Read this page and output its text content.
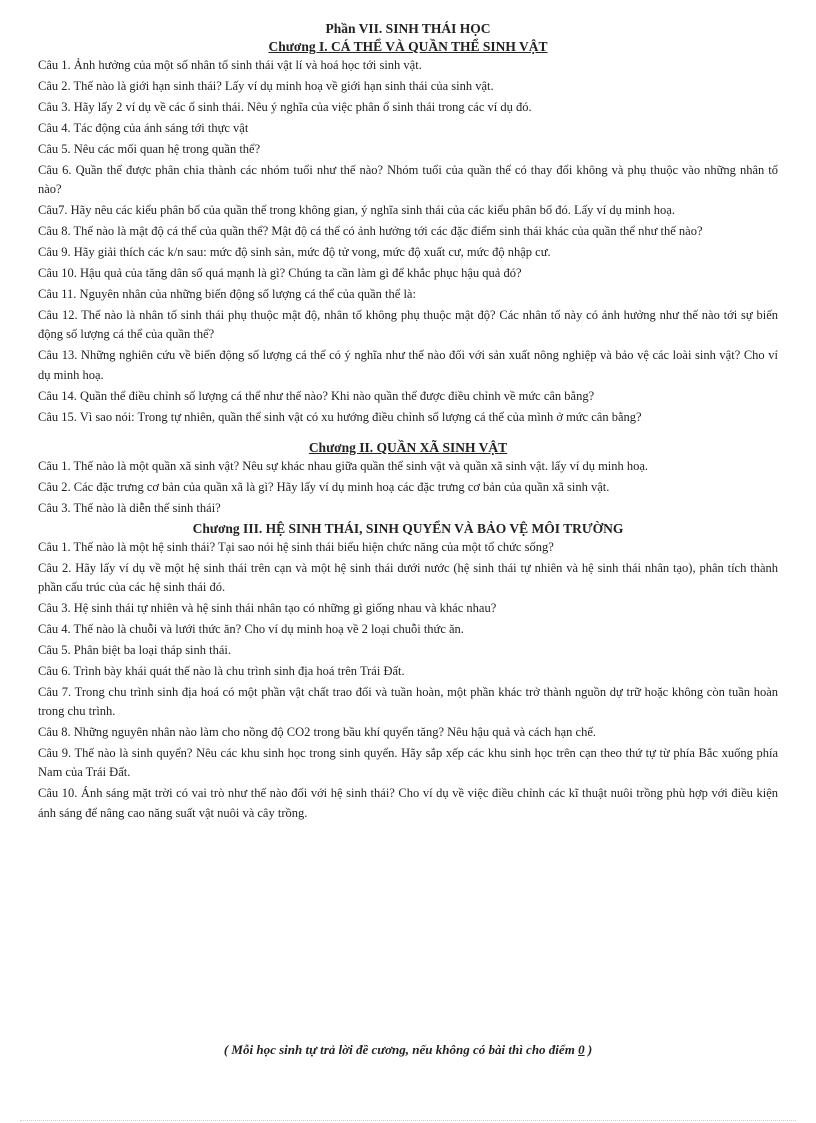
Phần VII. SINH THÁI HỌC

Chương I. CÁ THỂ VÀ QUẦN THỂ SINH VẬT

Câu 1. Ảnh hưởng của một số nhân tố sinh thái vật lí và hoá học tới sinh vật.

Câu 2. Thế nào là giới hạn sinh thái? Lấy ví dụ minh hoạ về giới hạn sinh thái của sinh vật.

Câu 3. Hãy lấy 2 ví dụ về các ổ sinh thái. Nêu ý nghĩa của việc phân ổ sinh thái trong các ví dụ đó.

Câu 4. Tác động của ánh sáng tới thực vật

Câu 5. Nêu các mối quan hệ trong quần thể?

Câu 6. Quần thể được phân chia thành các nhóm tuổi như thế nào? Nhóm tuổi của quần thể có thay đổi không và phụ thuộc vào những nhân tố nào?

Câu7. Hãy nêu các kiểu phân bố của quần thể trong không gian, ý nghĩa sinh thái của các kiểu phân bố đó. Lấy ví dụ minh hoạ.

Câu 8. Thế nào là mật độ cá thể của quần thể? Mật độ cá thể có ảnh hưởng tới các đặc điểm sinh thái khác của quần thể như thế nào?

Câu 9. Hãy giải thích các k/n sau: mức độ sinh sản, mức độ tử vong, mức độ xuất cư, mức độ nhập cư.

Câu 10. Hậu quả của tăng dân số quá mạnh là gì? Chúng ta cần làm gì để khắc phục hậu quả đó?

Câu 11. Nguyên nhân của những biến động số lượng cá thể của quần thể là:

Câu 12. Thế nào là nhân tố sinh thái phụ thuộc mật độ, nhân tố không phụ thuộc mật độ? Các nhân tố này có ảnh hưởng như thế nào tới sự biến động số lượng cá thể của quần thể?

Câu 13. Những nghiên cứu về biến động số lượng cá thể có ý nghĩa như thế nào đối với sản xuất nông nghiệp và bảo vệ các loài sinh vật? Cho ví dụ minh hoạ.

Câu 14. Quần thể điều chỉnh số lượng cá thể như thế nào? Khi nào quần thể được điều chỉnh về mức cân bằng?

Câu 15. Vì sao nói: Trong tự nhiên, quần thể sinh vật có xu hướng điều chỉnh số lượng cá thể của mình ở mức cân bằng?

Chương II. QUẦN XÃ SINH VẬT

Câu 1. Thế nào là một quần xã sinh vật? Nêu sự khác nhau giữa quần thể sinh vật và quần xã sinh vật. lấy ví dụ minh hoạ.

Câu 2. Các đặc trưng cơ bản của quần xã là gì? Hãy lấy ví dụ minh hoạ các đặc trưng cơ bản của quần xã sinh vật.

Câu 3. Thế nào là diễn thế sinh thái?

Chương III. HỆ SINH THÁI, SINH QUYỂN VÀ BẢO VỆ MÔI TRƯỜNG

Câu 1. Thế nào là một hệ sinh thái? Tại sao nói hệ sinh thái biểu hiện chức năng của một tổ chức sống?

Câu 2. Hãy lấy ví dụ về một hệ sinh thái trên cạn và một hệ sinh thái dưới nước (hệ sinh thái tự nhiên và hệ sinh thái nhân tạo), phân tích thành phần cấu trúc của các hệ sinh thái đó.

Câu 3. Hệ sinh thái tự nhiên và hệ sinh thái nhân tạo có những gì giống nhau và khác nhau?

Câu 4. Thế nào là chuỗi và lưới thức ăn? Cho ví dụ minh hoạ về 2 loại chuỗi thức ăn.

Câu 5. Phân biệt ba loại tháp sinh thái.

Câu 6. Trình bày khái quát thế nào là chu trình sinh địa hoá trên Trái Đất.

Câu 7. Trong chu trình sinh địa hoá có một phần vật chất trao đổi và tuần hoàn, một phần khác trở thành nguồn dự trữ hoặc không còn tuần hoàn trong chu trình.

Câu 8. Những nguyên nhân nào làm cho nồng độ CO2 trong bầu khí quyển tăng? Nêu hậu quả và cách hạn chế.

Câu 9. Thế nào là sinh quyển? Nêu các khu sinh học trong sinh quyển. Hãy sắp xếp các khu sinh học trên cạn theo thứ tự từ phía Bắc xuống phía Nam của Trái Đất.

Câu 10. Ánh sáng mặt trời có vai trò như thế nào đối với hệ sinh thái? Cho ví dụ về việc điều chỉnh các kĩ thuật nuôi trồng phù hợp với điều kiện ánh sáng để nâng cao năng suất vật nuôi và cây trồng.

( Mỗi học sinh tự trả lời đề cương, nếu không có bài thì cho điểm 0 )
